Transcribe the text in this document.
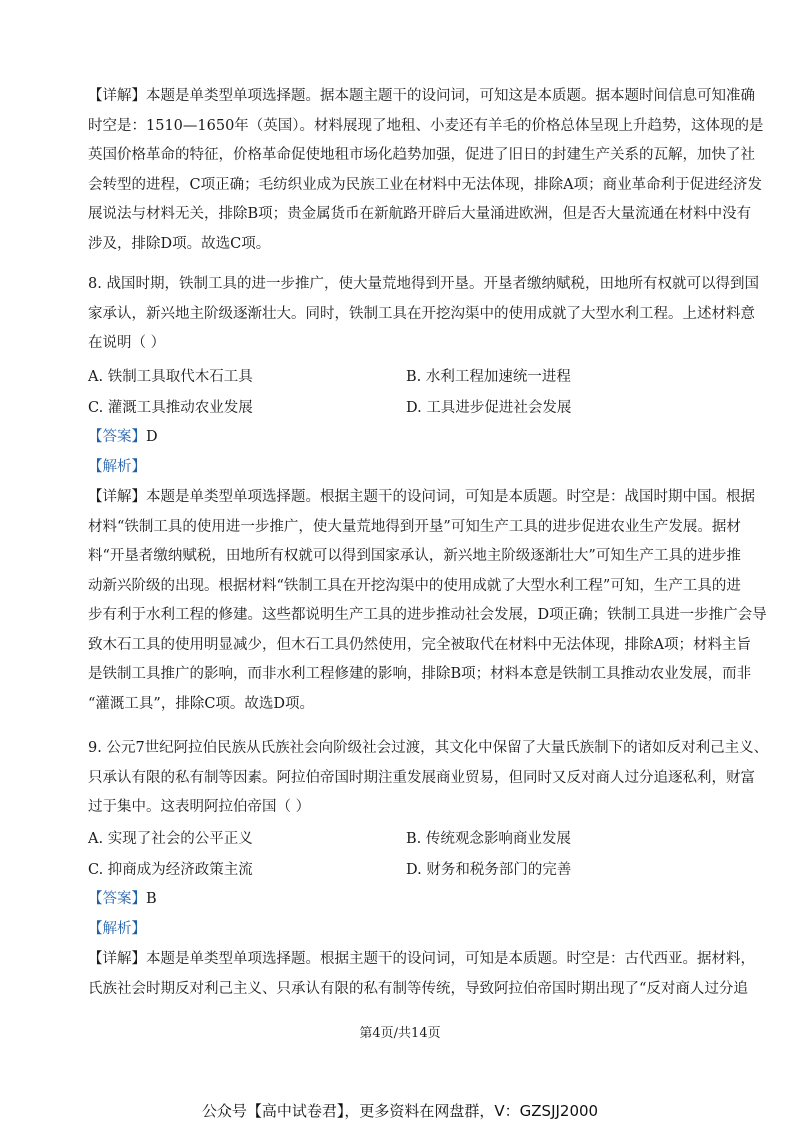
【详解】本题是单类型单项选择题。据本题主题干的设问词，可知这是本质题。据本题时间信息可知准确
时空是：1510—1650年（英国）。材料展现了地租、小麦还有羊毛的价格总体呈现上升趋势，这体现的是
英国价格革命的特征，价格革命促使地租市场化趋势加强，促进了旧日的封建生产关系的瓦解，加快了社
会转型的进程，C项正确；毛纺织业成为民族工业在材料中无法体现，排除A项；商业革命利于促进经济发
展说法与材料无关，排除B项；贵金属货币在新航路开辟后大量涌进欧洲，但是否大量流通在材料中没有
涉及，排除D项。故选C项。
8. 战国时期，铁制工具的进一步推广，使大量荒地得到开垦。开垦者缴纳赋税，田地所有权就可以得到国
家承认，新兴地主阶级逐渐壮大。同时，铁制工具在开挖沟渠中的使用成就了大型水利工程。上述材料意
在说明（ ）
A. 铁制工具取代木石工具	B. 水利工程加速统一进程
C. 灌溉工具推动农业发展	D. 工具进步促进社会发展
【答案】D
【解析】
【详解】本题是单类型单项选择题。根据主题干的设问词，可知是本质题。时空是：战国时期中国。根据
材料“铁制工具的使用进一步推广，使大量荒地得到开垦”可知生产工具的进步促进农业生产发展。据材
料“开垦者缴纳赋税，田地所有权就可以得到国家承认，新兴地主阶级逐渐壮大”可知生产工具的进步推
动新兴阶级的出现。根据材料“铁制工具在开挖沟渠中的使用成就了大型水利工程”可知，生产工具的进
步有利于水利工程的修建。这些都说明生产工具的进步推动社会发展，D项正确；铁制工具进一步推广会导
致木石工具的使用明显减少，但木石工具仍然使用，完全被取代在材料中无法体现，排除A项；材料主旨
是铁制工具推广的影响，而非水利工程修建的影响，排除B项；材料本意是铁制工具推动农业发展，而非
“灌溉工具”，排除C项。故选D项。
9. 公元7世纪阿拉伯民族从氏族社会向阶级社会过渡，其文化中保留了大量氏族制下的诸如反对利己主义、
只承认有限的私有制等因素。阿拉伯帝国时期注重发展商业贸易，但同时又反对商人过分追逐私利，财富
过于集中。这表明阿拉伯帝国（ ）
A. 实现了社会的公平正义	B. 传统观念影响商业发展
C. 抑商成为经济政策主流	D. 财务和税务部门的完善
【答案】B
【解析】
【详解】本题是单类型单项选择题。根据主题干的设问词，可知是本质题。时空是：古代西亚。据材料，
氏族社会时期反对利己主义、只承认有限的私有制等传统，导致阿拉伯帝国时期出现了“反对商人过分追
第4页/共14页
公众号【高中试卷君】，更多资料在网盘群，V：GZSJJ2000
